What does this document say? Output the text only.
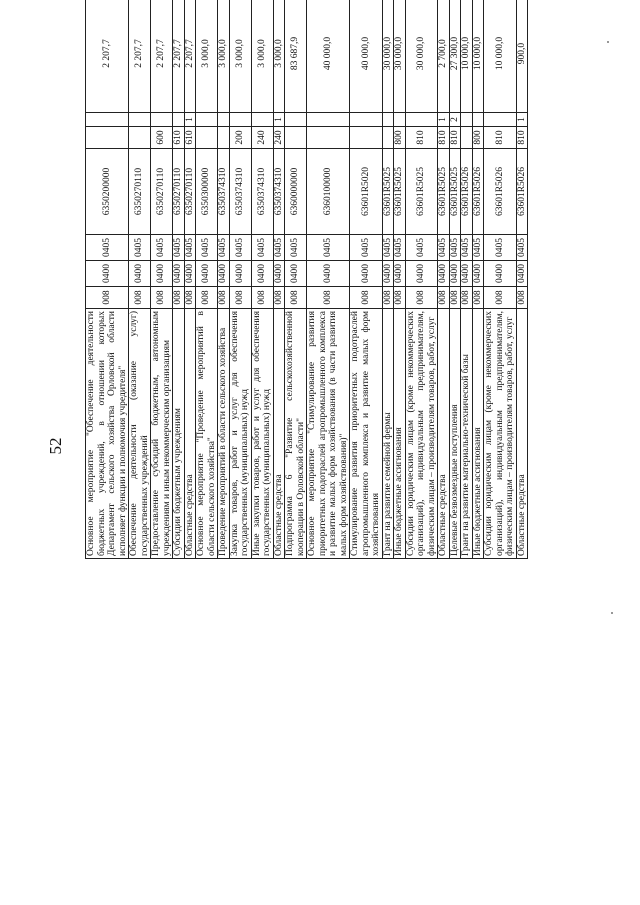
52	Основное мероприятие "Обеспечение деятельности бюджетных учреждений, в отношении которых Департамент сельского хозяйства Орловской области исполняет функции и полномочия учредителя"	008	0400	0405	6350200000			2 207,7		
Обеспечение деятельности (оказание услуг) государственных учреждений	008	0400	0405	6350270110			2 207,7		
Предоставление субсидий бюджетным, автономным учреждениям и иным некоммерческим организациям	008	0400	0405	6350270110	600		2 207,7		
Субсидии бюджетным учреждениям	008	0400	0405	6350270110	610		2 207,7		
Областные средства	008	0400	0405	6350270110	610	1	2 207,7		
Основное мероприятие "Проведение мероприятий в области сельского хозяйства"	008	0400	0405	6350300000			3 000,0		
Проведение мероприятий в области сельского хозяйства	008	0400	0405	6350374310			3 000,0		
Закупка товаров, работ и услуг для обеспечения государственных (муниципальных) нужд	008	0400	0405	6350374310	200		3 000,0		
Иные закупки товаров, работ и услуг для обеспечения государственных (муниципальных) нужд	008	0400	0405	6350374310	240		3 000,0		
Областные средства	008	0400	0405	6350374310	240	1	3 000,0		
Подпрограмма 6 "Развитие сельскохозяйственной кооперации в Орловской области"	008	0400	0405	6360000000			83 687,9		
Основное мероприятие "Стимулирование развития приоритетных подотраслей агропромышленного комплекса и развитие малых форм хозяйствования (в части развития малых форм хозяйствования)"	008	0400	0405	6360100000			40 000,0		
Стимулирование развития приоритетных подотраслей агропромышленного комплекса и развитие малых форм хозяйствования	008	0400	0405	63601R5020			40 000,0		
Грант на развитие семейной фермы	008	0400	0405	63601R5025			30 000,0		
Иные бюджетные ассигнования	008	0400	0405	63601R5025	800		30 000,0		
Субсидии юридическим лицам (кроме некоммерческих организаций), индивидуальным предпринимателям, физическим лицам – производителям товаров, работ, услуг	008	0400	0405	63601R5025	810		30 000,0		
Областные средства	008	0400	0405	63601R5025	810	1	2 700,0		
Целевые безвозмездные поступления	008	0400	0405	63601R5025	810	2	27 300,0		
Грант на развитие материально-технической базы	008	0400	0405	63601R5026			10 000,0		
Иные бюджетные ассигнования	008	0400	0405	63601R5026	800		10 000,0		
Субсидии юридическим лицам (кроме некоммерческих организаций), индивидуальным предпринимателям, физическим лицам – производителям товаров, работ, услуг	008	0400	0405	63601R5026	810		10 000,0		
Областные средства	008	0400	0405	63601R5026	810	1	900,0		
